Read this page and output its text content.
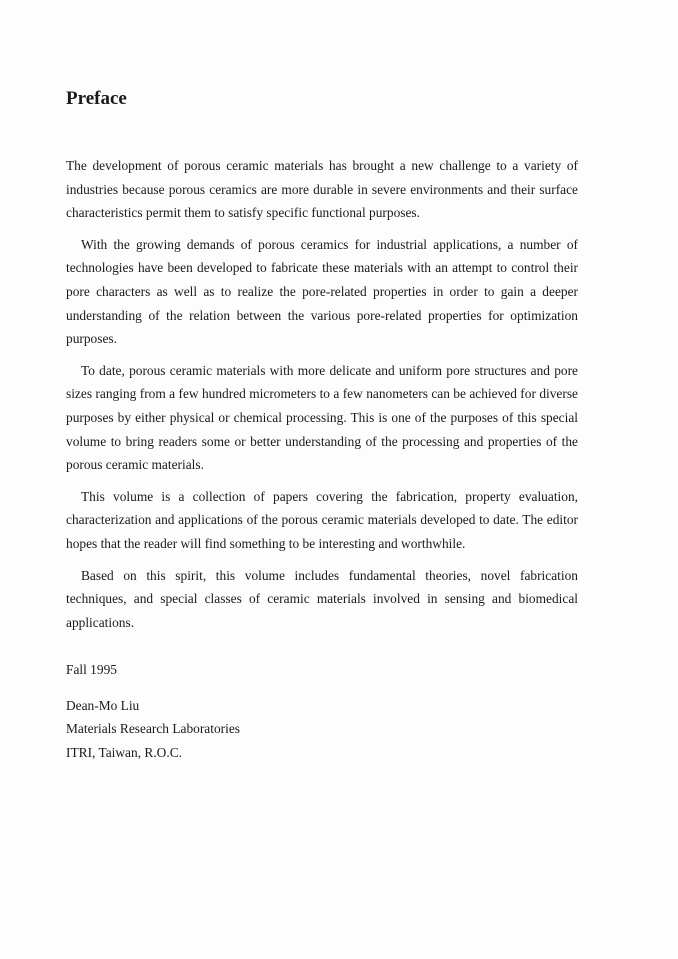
Preface

The development of porous ceramic materials has brought a new challenge to a variety of industries because porous ceramics are more durable in severe environments and their surface characteristics permit them to satisfy specific functional purposes.

With the growing demands of porous ceramics for industrial applications, a number of technologies have been developed to fabricate these materials with an attempt to control their pore characters as well as to realize the pore-related properties in order to gain a deeper understanding of the relation between the various pore-related properties for optimization purposes.

To date, porous ceramic materials with more delicate and uniform pore structures and pore sizes ranging from a few hundred micrometers to a few nanometers can be achieved for diverse purposes by either physical or chemical processing. This is one of the purposes of this special volume to bring readers some or better understanding of the processing and properties of the porous ceramic materials.

This volume is a collection of papers covering the fabrication, property evaluation, characterization and applications of the porous ceramic materials developed to date. The editor hopes that the reader will find something to be interesting and worthwhile.

Based on this spirit, this volume includes fundamental theories, novel fabrication techniques, and special classes of ceramic materials involved in sensing and biomedical applications.

Fall 1995

Dean-Mo Liu

Materials Research Laboratories

ITRI, Taiwan, R.O.C.
